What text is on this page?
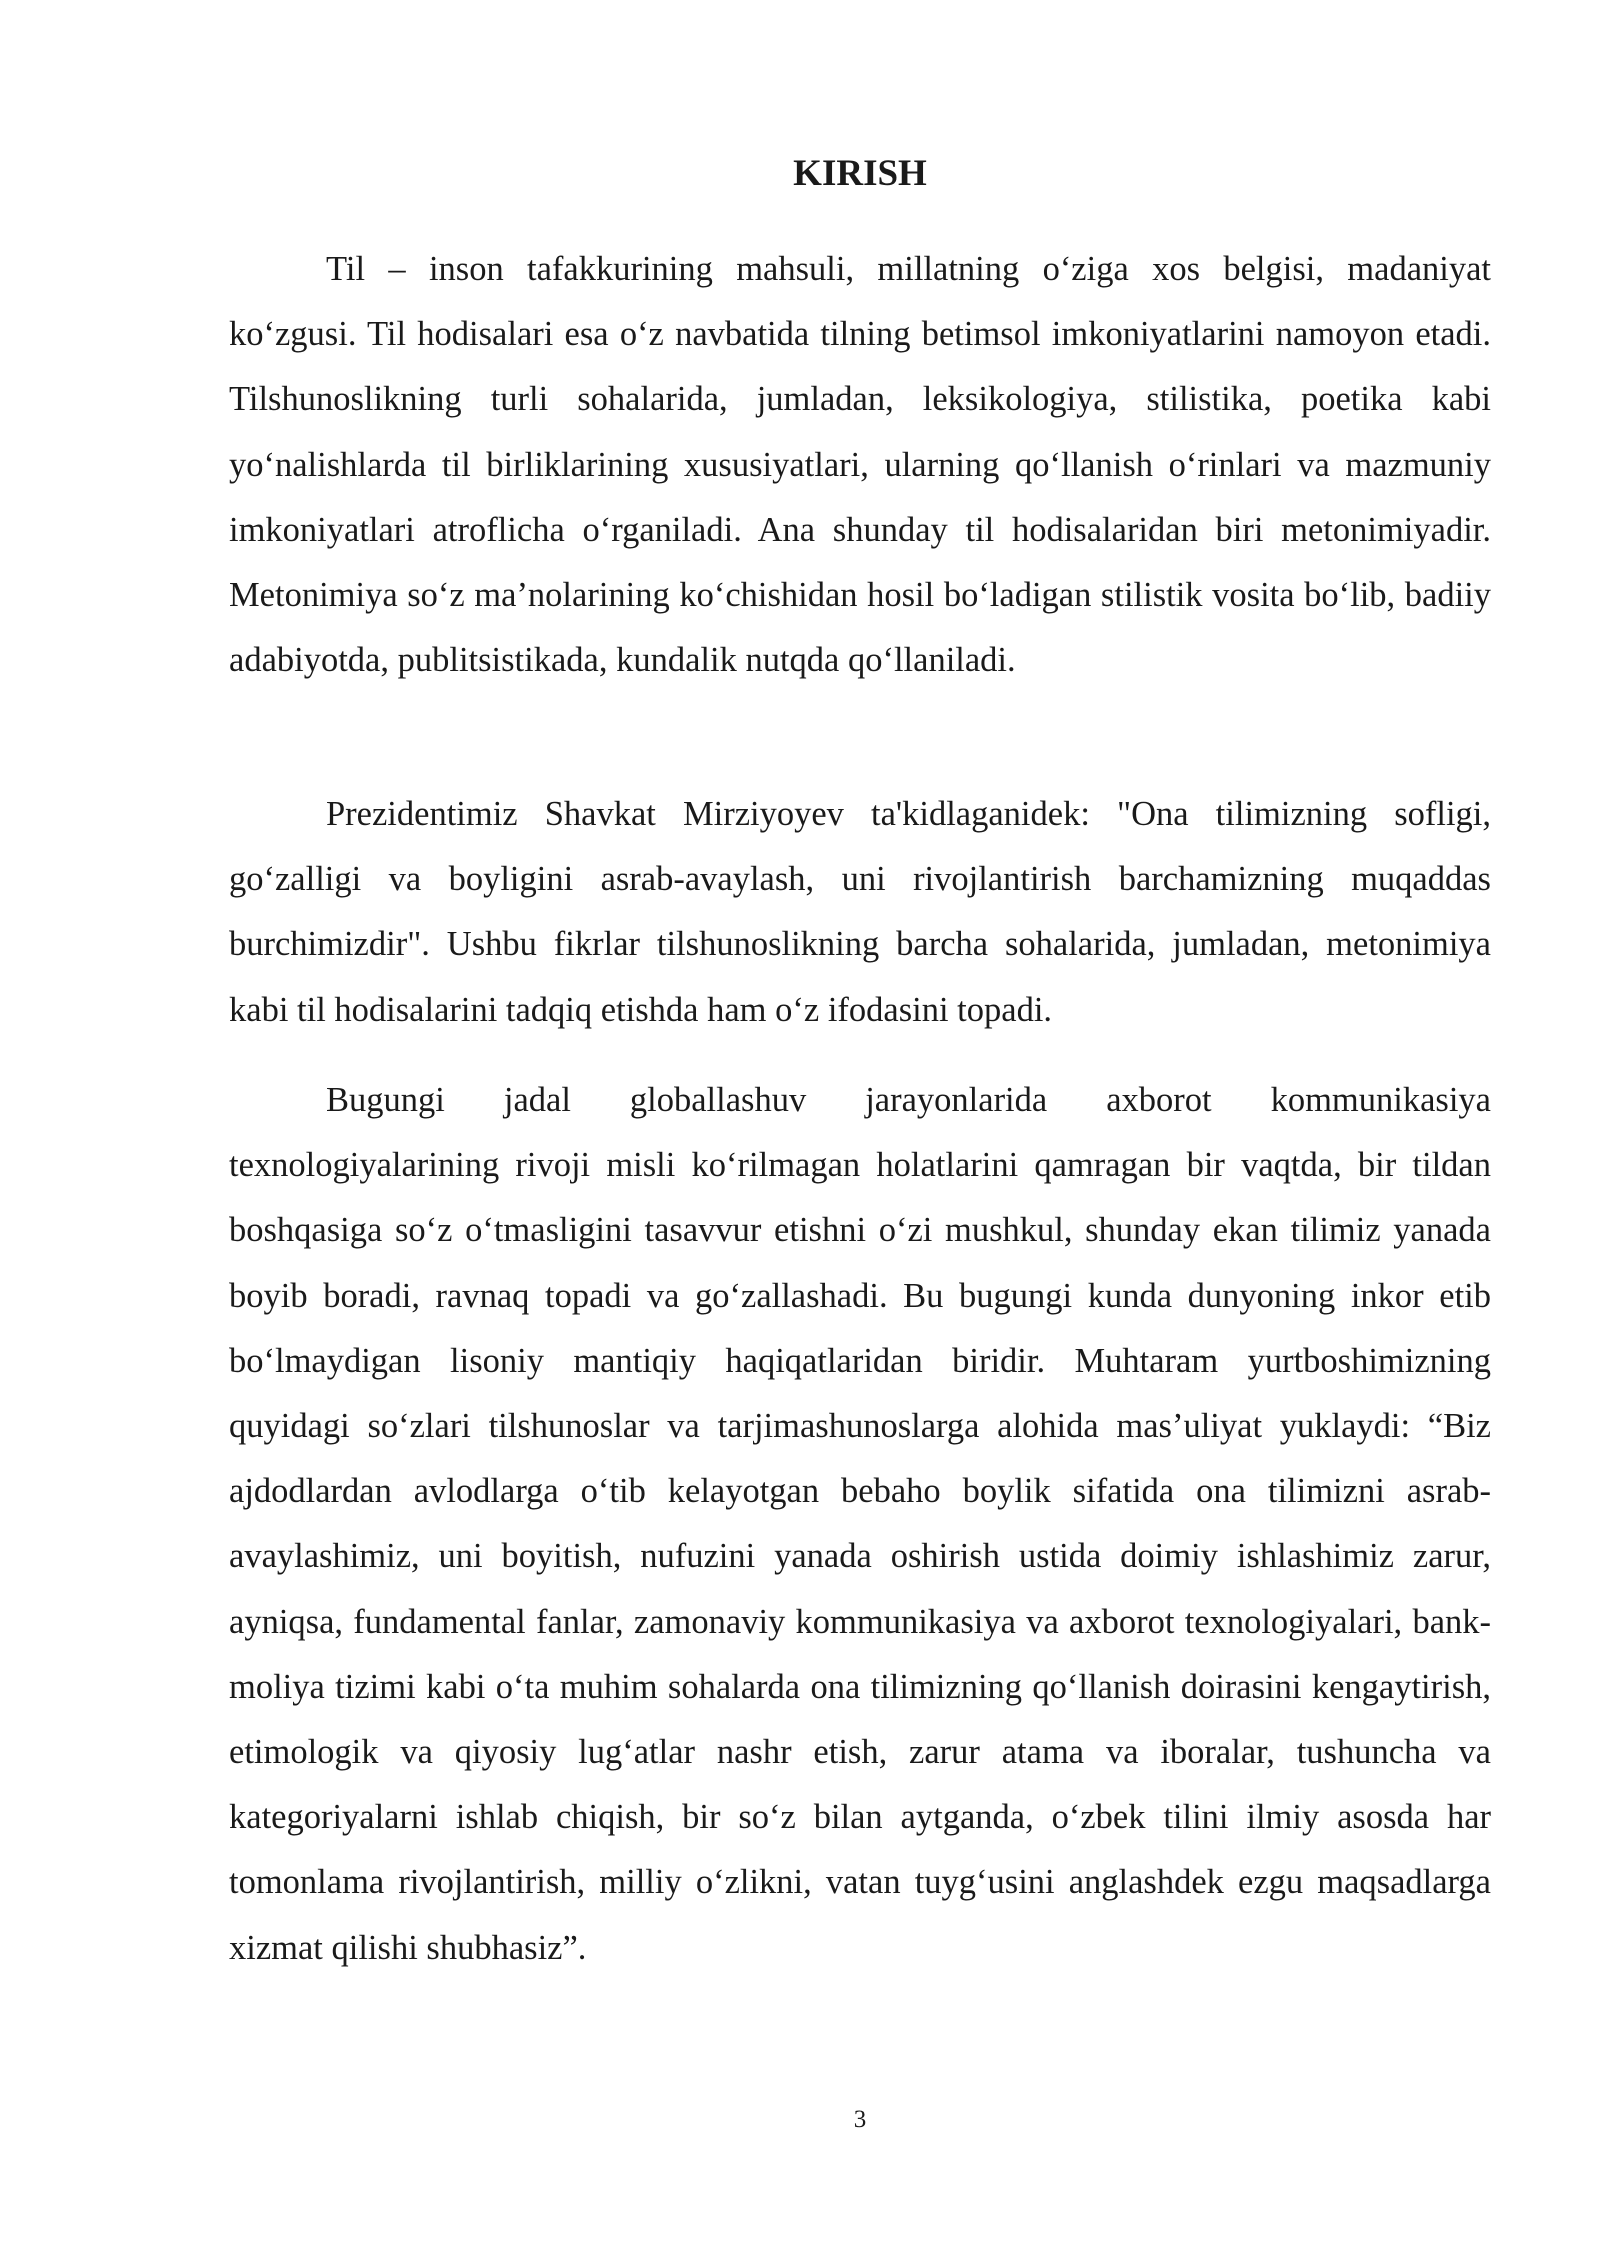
KIRISH

Til – inson tafakkurining mahsuli, millatning o‘ziga xos belgisi, madaniyat ko‘zgusi. Til hodisalari esa o‘z navbatida tilning betimsol imkoniyatlarini namoyon etadi. Tilshunoslikning turli sohalarida, jumladan, leksikologiya, stilistika, poetika kabi yo‘nalishlarda til birliklarining xususiyatlari, ularning qo‘llanish o‘rinlari va mazmuniy imkoniyatlari atroflicha o‘rganiladi. Ana shunday til hodisalaridan biri metonimiyadir. Metonimiya so‘z ma’nolarining ko‘chishidan hosil bo‘ladigan stilistik vosita bo‘lib, badiiy adabiyotda, publitsistikada, kundalik nutqda qo‘llaniladi.

Prezidentimiz Shavkat Mirziyoyev ta'kidlaganidek: "Ona tilimizning sofligi, go‘zalligi va boyligini asrab-avaylash, uni rivojlantirish barchamizning muqaddas burchimizdir". Ushbu fikrlar tilshunoslikning barcha sohalarida, jumladan, metonimiya kabi til hodisalarini tadqiq etishda ham o‘z ifodasini topadi.

Bugungi jadal globallashuv jarayonlarida axborot kommunikasiya texnologiyalarining rivoji misli ko‘rilmagan holatlarini qamragan bir vaqtda, bir tildan boshqasiga so‘z o‘tmasligini tasavvur etishni o‘zi mushkul, shunday ekan tilimiz yanada boyib boradi, ravnaq topadi va go‘zallashadi. Bu bugungi kunda dunyoning inkor etib bo‘lmaydigan lisoniy mantiqiy haqiqatlaridan biridir. Muhtaram yurtboshimizning quyidagi so‘zlari tilshunoslar va tarjimashunoslarga alohida mas’uliyat yuklaydi: “Biz ajdodlardan avlodlarga o‘tib kelayotgan bebaho boylik sifatida ona tilimizni asrab- avaylashimiz, uni boyitish, nufuzini yanada oshirish ustida doimiy ishlashimiz zarur, ayniqsa, fundamental fanlar, zamonaviy kommunikasiya va axborot texnologiyalari, bank-moliya tizimi kabi o‘ta muhim sohalarda ona tilimizning qo‘llanish doirasini kengaytirish, etimologik va qiyosiy lug‘atlar nashr etish, zarur atama va iboralar, tushuncha va kategoriyalarni ishlab chiqish, bir so‘z bilan aytganda, o‘zbek tilini ilmiy asosda har tomonlama rivojlantirish, milliy o‘zlikni, vatan tuyg‘usini anglashdek ezgu maqsadlarga xizmat qilishi shubhasiz”.

3
